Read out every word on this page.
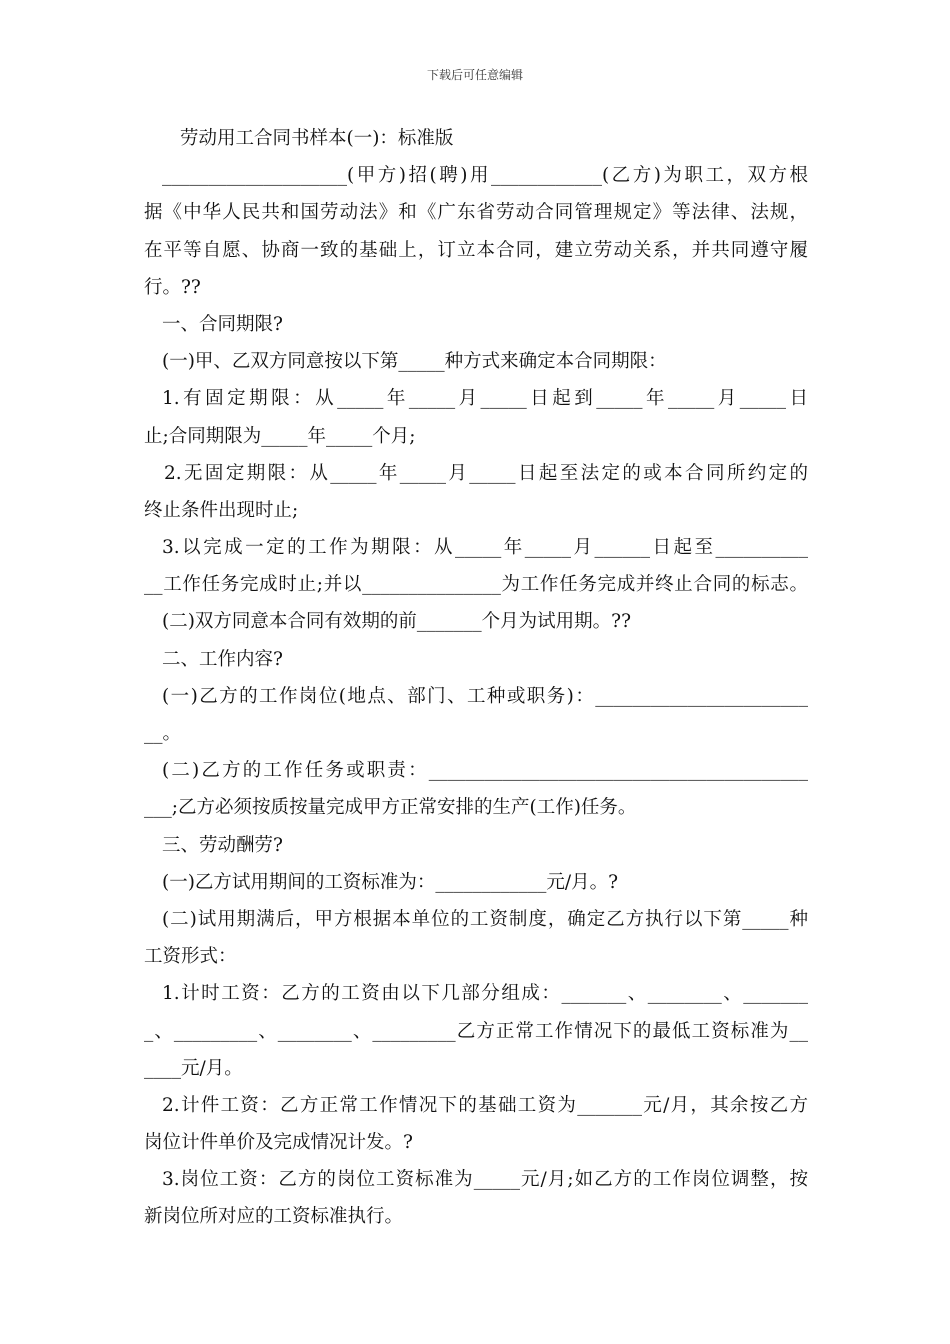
下载后可任意编辑
劳动用工合同书样本(一)：标准版
____________________(甲方)招(聘)用____________(乙方)为职工，双方根
据《中华人民共和国劳动法》和《广东省劳动合同管理规定》等法律、法规，
在平等自愿、协商一致的基础上，订立本合同，建立劳动关系，并共同遵守履
行。??
一、合同期限?
(一)甲、乙双方同意按以下第_____种方式来确定本合同期限：
1.有固定期限：从_____年_____月_____日起到_____年_____月_____日
止;合同期限为_____年_____个月;
2.无固定期限：从_____年_____月_____日起至法定的或本合同所约定的
终止条件出现时止;
3.以完成一定的工作为期限：从_____年_____月______日起至__________
__工作任务完成时止;并以_______________为工作任务完成并终止合同的标志。
(二)双方同意本合同有效期的前_______个月为试用期。??
二、工作内容?
(一)乙方的工作岗位(地点、部门、工种或职务)：_______________________
__。
(二)乙方的工作任务或职责：_________________________________________
___;乙方必须按质按量完成甲方正常安排的生产(工作)任务。
三、劳动酬劳?
(一)乙方试用期间的工资标准为：____________元/月。?
(二)试用期满后，甲方根据本单位的工资制度，确定乙方执行以下第_____种
工资形式：
1.计时工资：乙方的工资由以下几部分组成：_______、________、_______
_、_________、________、_________乙方正常工作情况下的最低工资标准为__
____元/月。
2.计件工资：乙方正常工作情况下的基础工资为_______元/月，其余按乙方
岗位计件单价及完成情况计发。?
3.岗位工资：乙方的岗位工资标准为_____元/月;如乙方的工作岗位调整，按
新岗位所对应的工资标准执行。
